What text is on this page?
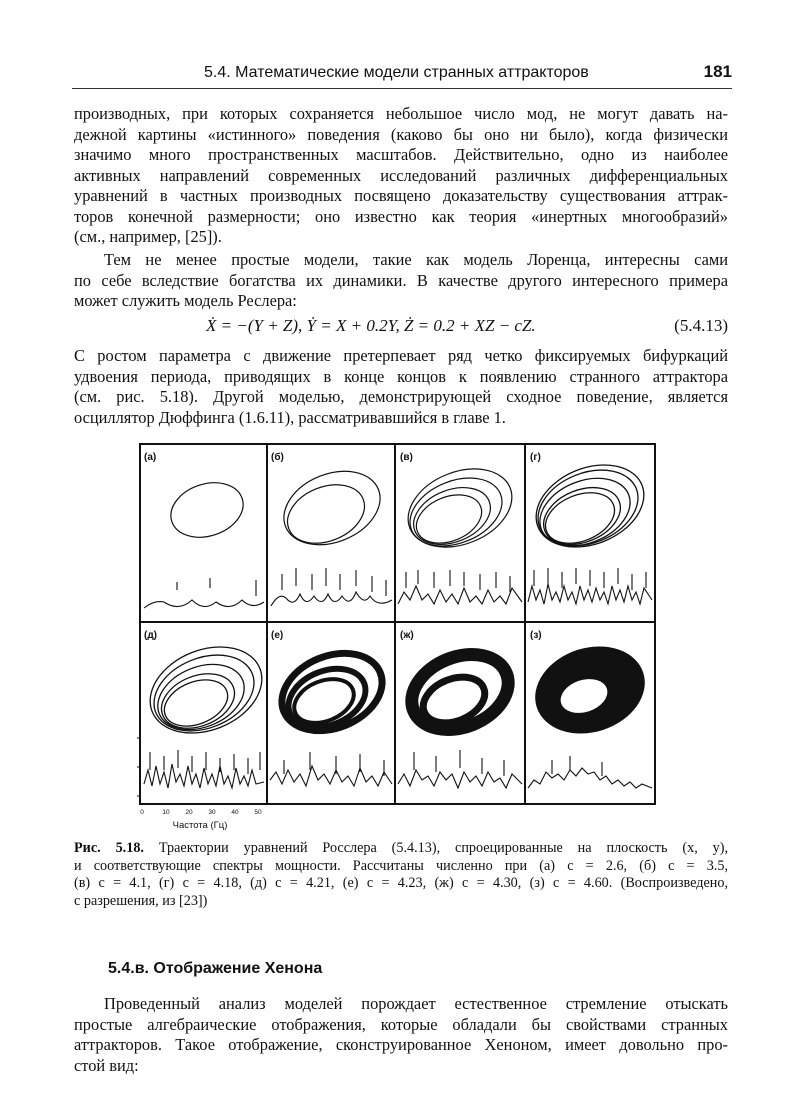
5.4. Математические модели странных аттракторов	181
производных, при которых сохраняется небольшое число мод, не могут давать на-
дежной картины «истинного» поведения (каково бы оно ни было), когда физически
значимо много пространственных масштабов. Действительно, одно из наиболее
активных направлений современных исследований различных дифференциальных
уравнений в частных производных посвящено доказательству существования аттрак-
торов конечной размерности; оно известно как теория «инертных многообразий»
(см., например, [25]).
Тем не менее простые модели, такие как модель Лоренца, интересны сами
по себе вследствие богатства их динамики. В качестве другого интересного примера
может служить модель Реслера:
Ẋ = −(Y + Z), Ẏ = X + 0.2Y, Ż = 0.2 + XZ − cZ.	(5.4.13)
С ростом параметра c движение претерпевает ряд четко фиксируемых бифуркаций
удвоения периода, приводящих в конце концов к появлению странного аттрактора
(см. рис. 5.18). Другой моделью, демонстрирующей сходное поведение, является
осциллятор Дюффинга (1.6.11), рассматривавшийся в главе 1.
(а)	(б)	(в)	(г)
(д)	(е)	(ж)	(з)
0	10 20 30 40 50
Частота (Гц)
Рис. 5.18. Траектории уравнений Росслера (5.4.13), спроецированные на плоскость (x, y),
и соответствующие спектры мощности. Рассчитаны численно при (а) c = 2.6, (б) c = 3.5,
(в) c = 4.1, (г) c = 4.18, (д) c = 4.21, (е) c = 4.23, (ж) c = 4.30, (з) c = 4.60. (Воспроизведено,
с разрешения, из [23])
5.4.в. Отображение Хенона
Проведенный анализ моделей порождает естественное стремление отыскать
простые алгебраические отображения, которые обладали бы свойствами странных
аттракторов. Такое отображение, сконструированное Хеноном, имеет довольно про-
стой вид:
